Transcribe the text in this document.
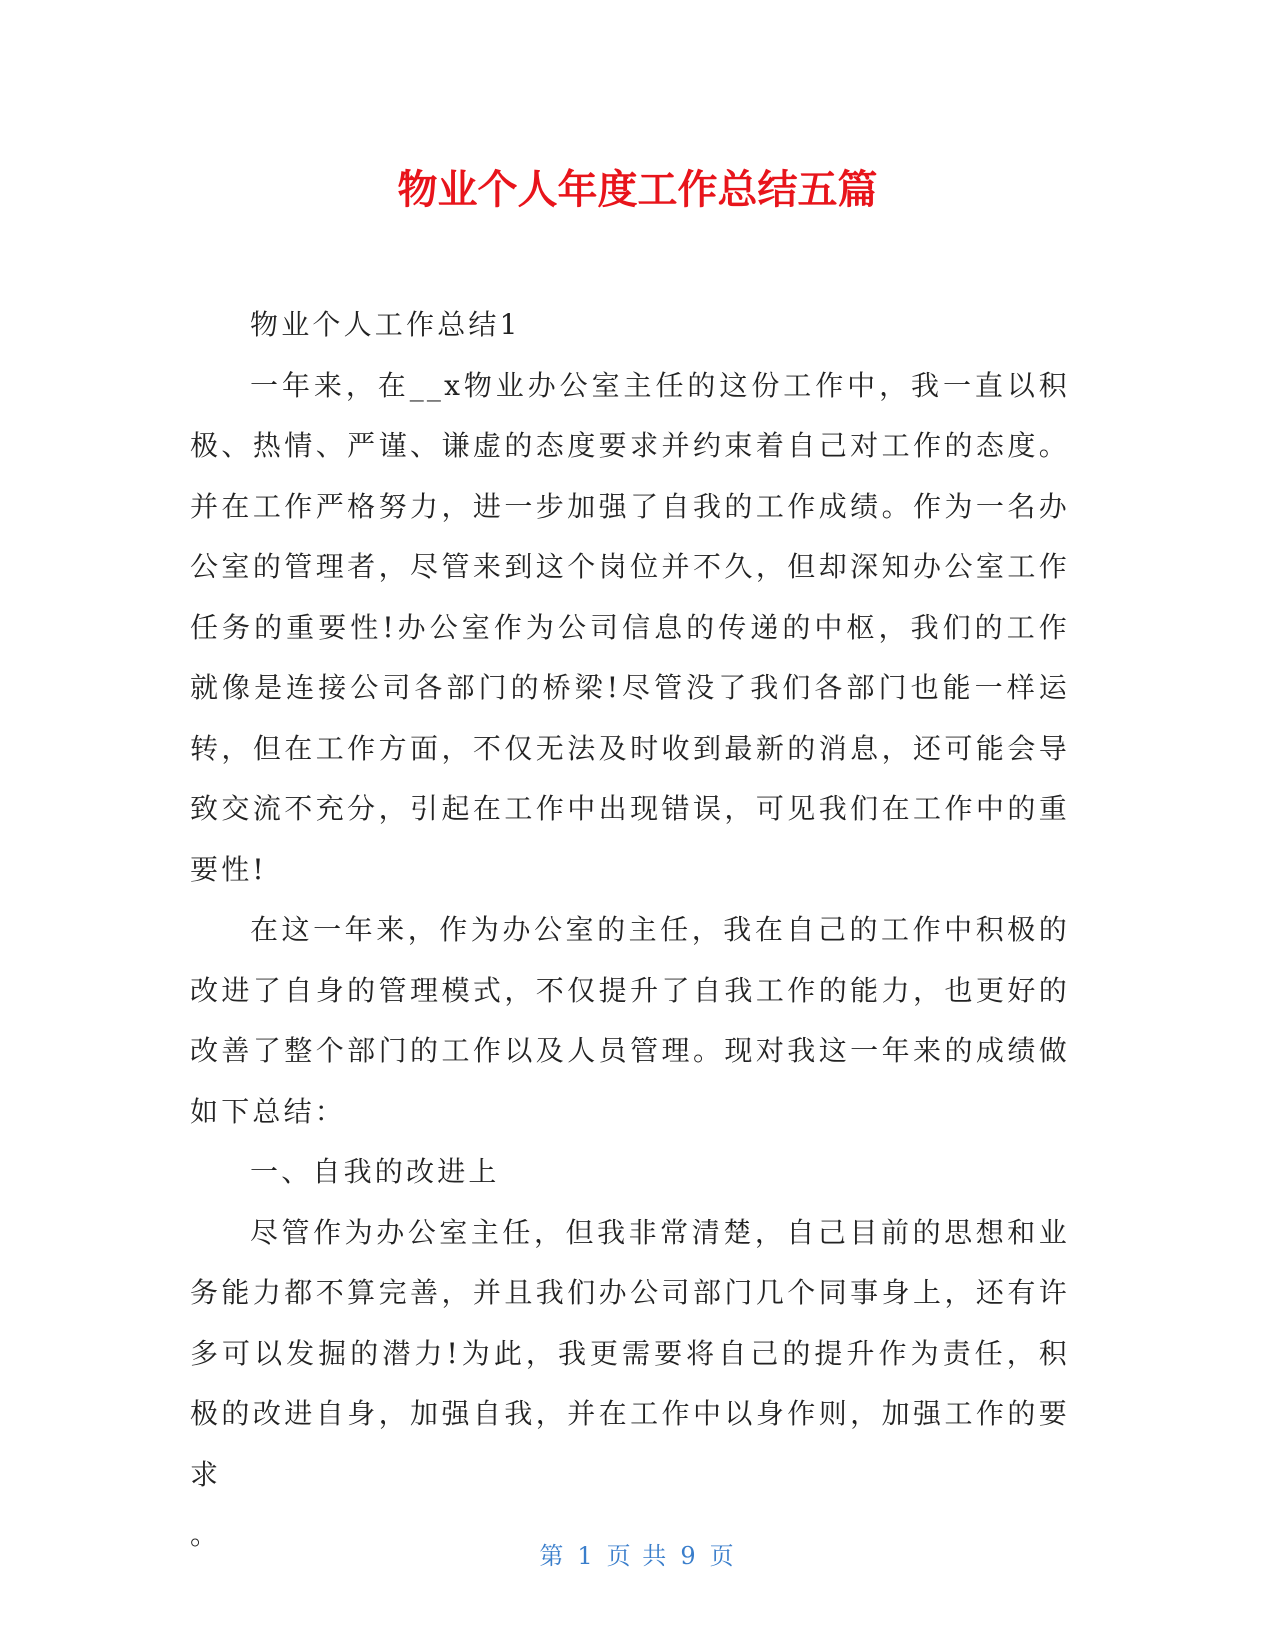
物业个人年度工作总结五篇

物业个人工作总结1

一年来，在__x物业办公室主任的这份工作中，我一直以积极、热情、严谨、谦虚的态度要求并约束着自己对工作的态度。并在工作严格努力，进一步加强了自我的工作成绩。作为一名办公室的管理者，尽管来到这个岗位并不久，但却深知办公室工作任务的重要性!办公室作为公司信息的传递的中枢，我们的工作就像是连接公司各部门的桥梁!尽管没了我们各部门也能一样运转，但在工作方面，不仅无法及时收到最新的消息，还可能会导致交流不充分，引起在工作中出现错误，可见我们在工作中的重要性!

在这一年来，作为办公室的主任，我在自己的工作中积极的改进了自身的管理模式，不仅提升了自我工作的能力，也更好的改善了整个部门的工作以及人员管理。现对我这一年来的成绩做如下总结：

一、自我的改进上

尽管作为办公室主任，但我非常清楚，自己目前的思想和业务能力都不算完善，并且我们办公司部门几个同事身上，还有许多可以发掘的潜力!为此，我更需要将自己的提升作为责任，积极的改进自身，加强自我，并在工作中以身作则，加强工作的要求

。

第 1 页 共 9 页
